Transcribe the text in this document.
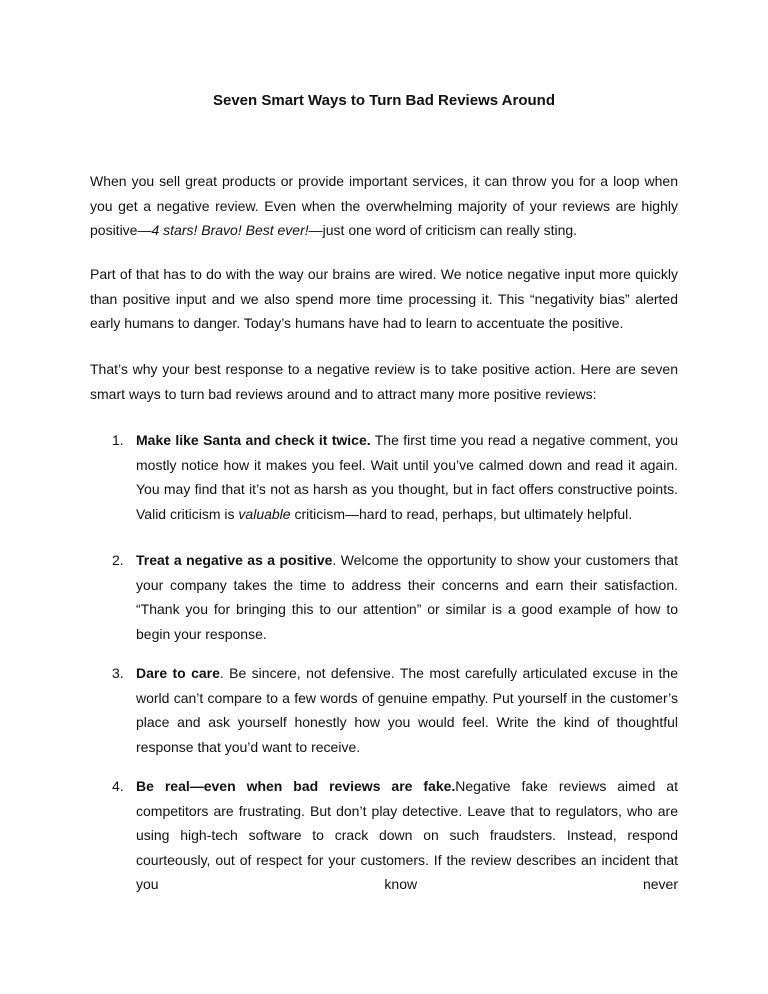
Seven Smart Ways to Turn Bad Reviews Around

When you sell great products or provide important services, it can throw you for a loop when you get a negative review. Even when the overwhelming majority of your reviews are highly positive—4 stars! Bravo! Best ever!—just one word of criticism can really sting.

Part of that has to do with the way our brains are wired. We notice negative input more quickly than positive input and we also spend more time processing it. This “negativity bias” alerted early humans to danger. Today’s humans have had to learn to accentuate the positive.

That’s why your best response to a negative review is to take positive action. Here are seven smart ways to turn bad reviews around and to attract many more positive reviews:

1. Make like Santa and check it twice. The first time you read a negative comment, you mostly notice how it makes you feel. Wait until you’ve calmed down and read it again. You may find that it’s not as harsh as you thought, but in fact offers constructive points. Valid criticism is valuable criticism—hard to read, perhaps, but ultimately helpful.
2. Treat a negative as a positive. Welcome the opportunity to show your customers that your company takes the time to address their concerns and earn their satisfaction. “Thank you for bringing this to our attention” or similar is a good example of how to begin your response.
3. Dare to care. Be sincere, not defensive. The most carefully articulated excuse in the world can’t compare to a few words of genuine empathy. Put yourself in the customer’s place and ask yourself honestly how you would feel. Write the kind of thoughtful response that you’d want to receive.
4. Be real—even when bad reviews are fake.Negative fake reviews aimed at competitors are frustrating. But don’t play detective. Leave that to regulators, who are using high-tech software to crack down on such fraudsters. Instead, respond courteously, out of respect for your customers. If the review describes an incident that you know never
